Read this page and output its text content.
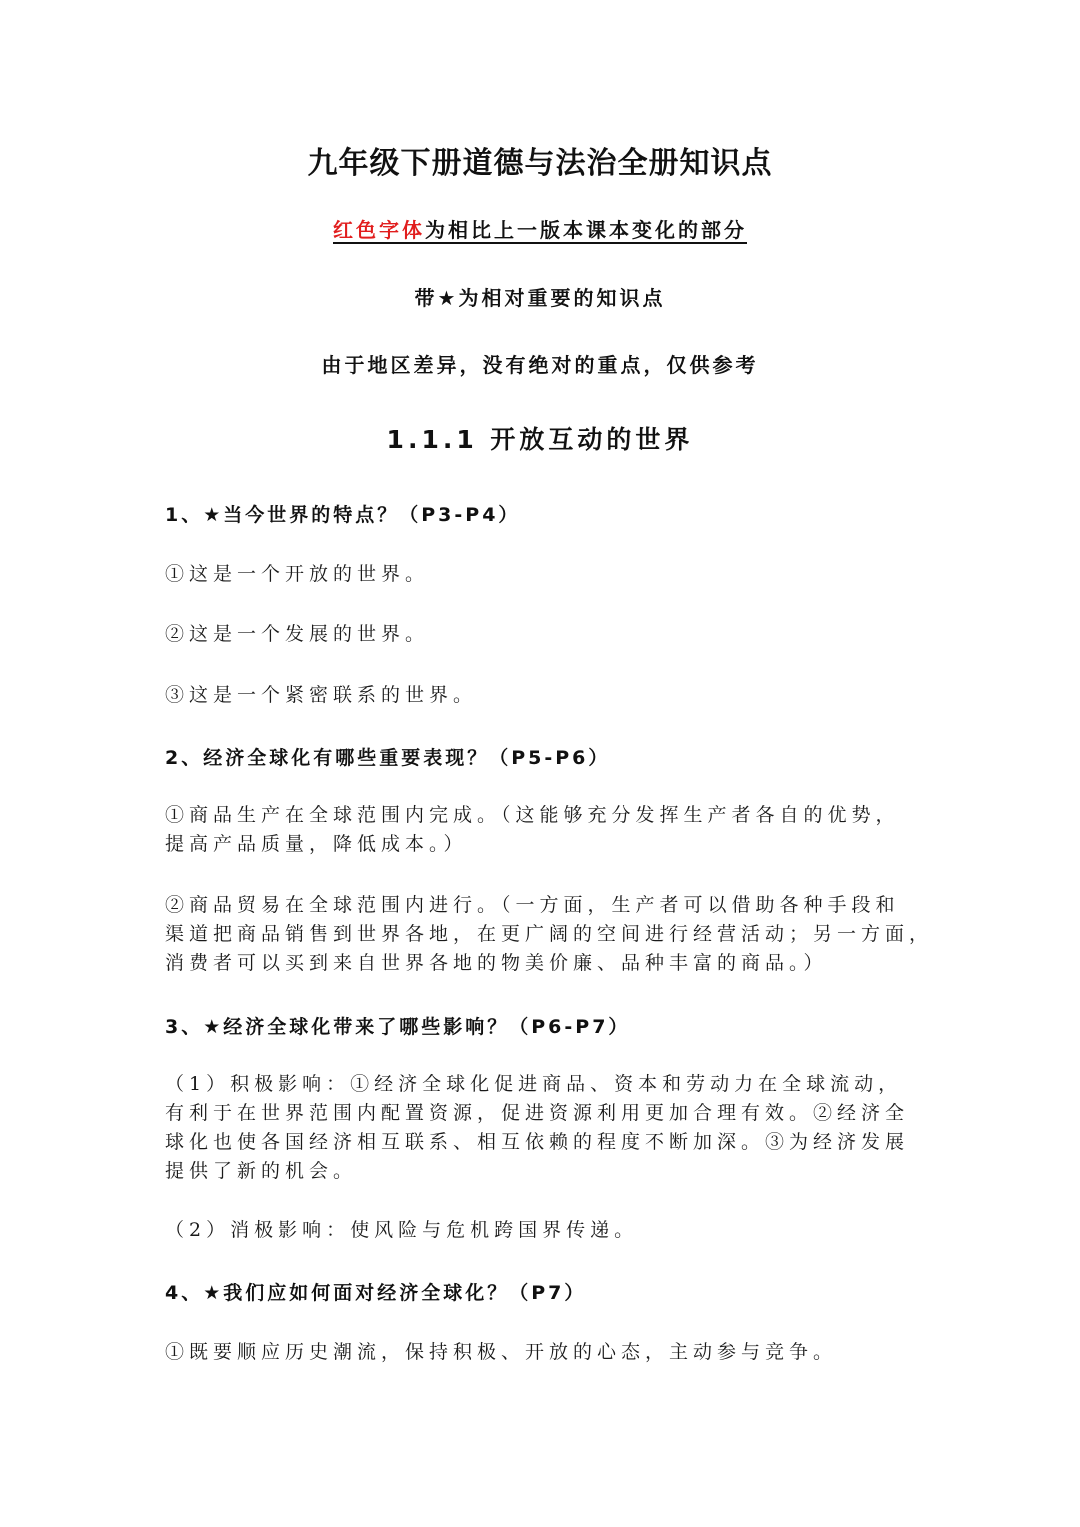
九年级下册道德与法治全册知识点

红色字体为相比上一版本课本变化的部分

带★为相对重要的知识点

由于地区差异，没有绝对的重点，仅供参考

1.1.1 开放互动的世界

1、★当今世界的特点？（P3-P4）

①这是一个开放的世界。

②这是一个发展的世界。

③这是一个紧密联系的世界。

2、经济全球化有哪些重要表现？（P5-P6）

①商品生产在全球范围内完成。（这能够充分发挥生产者各自的优势，
提高产品质量，降低成本。）
②商品贸易在全球范围内进行。（一方面，生产者可以借助各种手段和
渠道把商品销售到世界各地，在更广阔的空间进行经营活动；另一方面，
消费者可以买到来自世界各地的物美价廉、品种丰富的商品。）

3、★经济全球化带来了哪些影响？（P6-P7）

（1）积极影响：①经济全球化促进商品、资本和劳动力在全球流动，
有利于在世界范围内配置资源，促进资源利用更加合理有效。②经济全
球化也使各国经济相互联系、相互依赖的程度不断加深。③为经济发展
提供了新的机会。

（2）消极影响：使风险与危机跨国界传递。

4、★我们应如何面对经济全球化？（P7）

①既要顺应历史潮流，保持积极、开放的心态，主动参与竞争。
